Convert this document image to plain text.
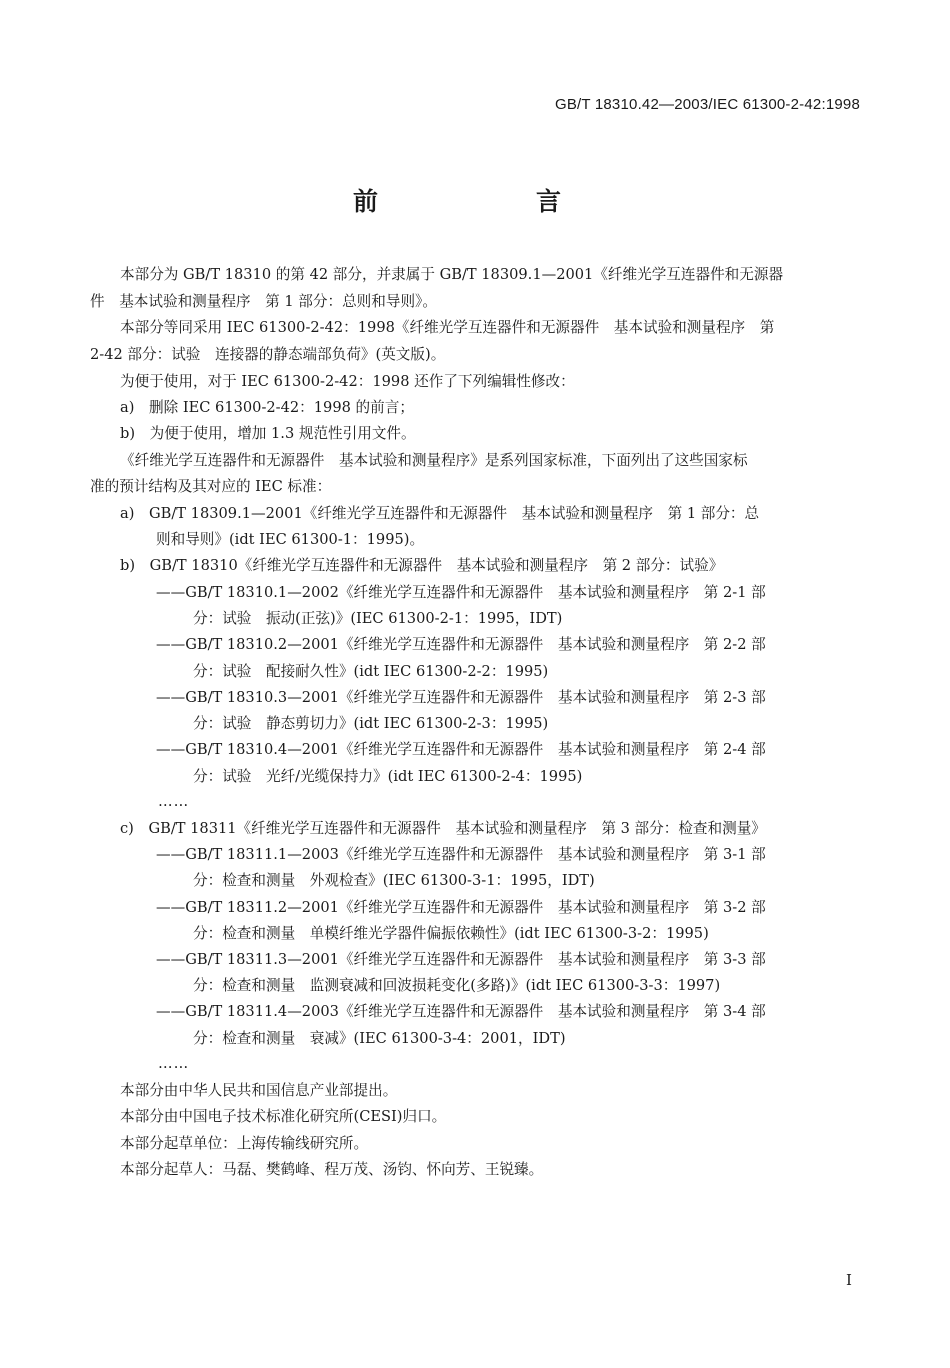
GB/T 18310.42—2003/IEC 61300-2-42:1998
前　　言
本部分为 GB/T 18310 的第 42 部分，并隶属于 GB/T 18309.1—2001《纤维光学互连器件和无源器
件　基本试验和测量程序　第 1 部分：总则和导则》。
本部分等同采用 IEC 61300-2-42：1998《纤维光学互连器件和无源器件　基本试验和测量程序　第
2-42 部分：试验　连接器的静态端部负荷》(英文版)。
为便于使用，对于 IEC 61300-2-42：1998 还作了下列编辑性修改：
a)　删除 IEC 61300-2-42：1998 的前言；
b)　为便于使用，增加 1.3 规范性引用文件。
《纤维光学互连器件和无源器件　基本试验和测量程序》是系列国家标准，下面列出了这些国家标
准的预计结构及其对应的 IEC 标准：
a)　GB/T 18309.1—2001《纤维光学互连器件和无源器件　基本试验和测量程序　第 1 部分：总
则和导则》(idt IEC 61300-1：1995)。
b)　GB/T 18310《纤维光学互连器件和无源器件　基本试验和测量程序　第 2 部分：试验》
——GB/T 18310.1—2002《纤维光学互连器件和无源器件　基本试验和测量程序　第 2-1 部
分：试验　振动(正弦)》(IEC 61300-2-1：1995，IDT)
——GB/T 18310.2—2001《纤维光学互连器件和无源器件　基本试验和测量程序　第 2-2 部
分：试验　配接耐久性》(idt IEC 61300-2-2：1995)
——GB/T 18310.3—2001《纤维光学互连器件和无源器件　基本试验和测量程序　第 2-3 部
分：试验　静态剪切力》(idt IEC 61300-2-3：1995)
——GB/T 18310.4—2001《纤维光学互连器件和无源器件　基本试验和测量程序　第 2-4 部
分：试验　光纤/光缆保持力》(idt IEC 61300-2-4：1995)
……
c)　GB/T 18311《纤维光学互连器件和无源器件　基本试验和测量程序　第 3 部分：检查和测量》
——GB/T 18311.1—2003《纤维光学互连器件和无源器件　基本试验和测量程序　第 3-1 部
分：检查和测量　外观检查》(IEC 61300-3-1：1995，IDT)
——GB/T 18311.2—2001《纤维光学互连器件和无源器件　基本试验和测量程序　第 3-2 部
分：检查和测量　单模纤维光学器件偏振依赖性》(idt IEC 61300-3-2：1995)
——GB/T 18311.3—2001《纤维光学互连器件和无源器件　基本试验和测量程序　第 3-3 部
分：检查和测量　监测衰减和回波损耗变化(多路)》(idt IEC 61300-3-3：1997)
——GB/T 18311.4—2003《纤维光学互连器件和无源器件　基本试验和测量程序　第 3-4 部
分：检查和测量　衰减》(IEC 61300-3-4：2001，IDT)
……
本部分由中华人民共和国信息产业部提出。
本部分由中国电子技术标准化研究所(CESI)归口。
本部分起草单位：上海传输线研究所。
本部分起草人：马磊、樊鹤峰、程万茂、汤钧、怀向芳、王锐臻。
I
